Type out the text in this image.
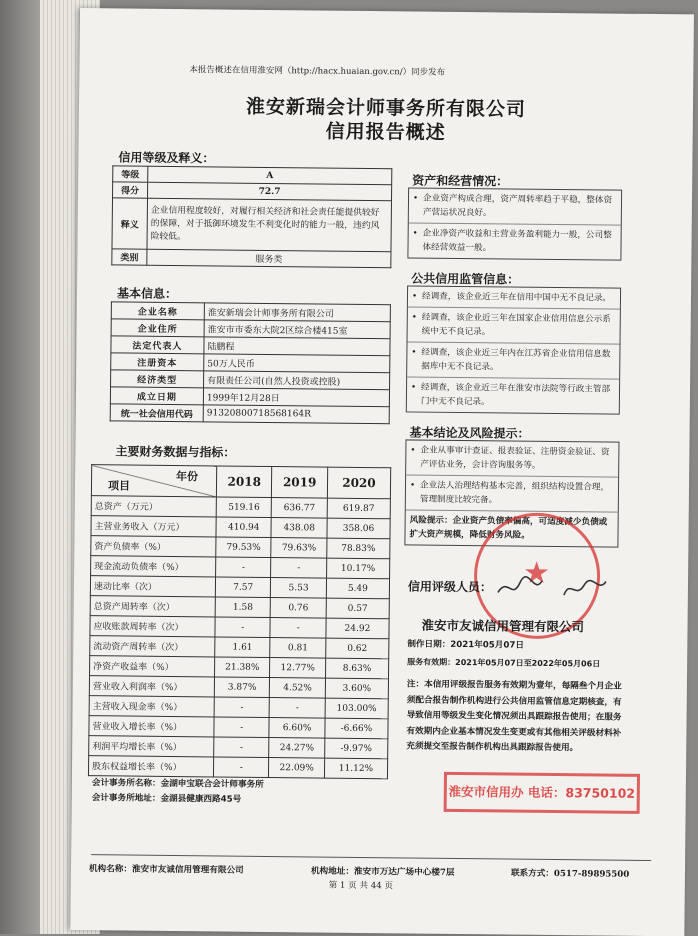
本报告概述在信用淮安网（http://hacx.huaian.gov.cn/）同步发布
淮安新瑞会计师事务所有限公司
信用报告概述
信用等级及释义：
等级	A
得分	72.7
释义	企业信用程度较好，对履行相关经济和社会责任能提供较好的保障，对于抵御环境发生不利变化时的能力一般，违约风险较低。
类别	服务类
基本信息：
企业名称	淮安新瑞会计师事务所有限公司
企业住所	淮安市市委东大院2区综合楼415室
法定代表人	陆鹏程
注册资本	50万人民币
经济类型	有限责任公司(自然人投资或控股)
成立日期	1999年12月28日
统一社会信用代码	913208007185681​64R
主要财务数据与指标：
年份
项目	2018	2019	2020
总资产（万元）	519.16	636.77	619.87
主营业务收入（万元）	410.94	438.08	358.06
资产负债率（%）	79.53%	79.63%	78.83%
现金流动负债率（%）	-	-	10.17%
速动比率（次）	7.57	5.53	5.49
总资产周转率（次）	1.58	0.76	0.57
应收账款周转率（次）	-	-	24.92
流动资产周转率（次）	1.61	0.81	0.62
净资产收益率（%）	21.38%	12.77%	8.63%
营业收入利润率（%）	3.87%	4.52%	3.60%
主营收入现金率（%）	-	-	103.00%
营业收入增长率（%）	-	6.60%	-6.66%
利润平均增长率（%）	-	24.27%	-9.97%
股东权益增长率（%）	-	22.09%	11.12%
会计事务所名称：金湖申宝联合会计师事务所
会计事务所地址：金湖县健康西路45号
资产和经营情况：
• 企业资产构成合理，资产周转率趋于平稳，整体资产营运状况良好。
• 企业净资产收益和主营业务盈利能力一般，公司整体经营效益一般。
公共信用监管信息：
• 经调查，该企业近三年在信用中国中无不良记录。
• 经调查，该企业近三年在国家企业信用信息公示系统中无不良记录。
• 经调查，该企业近三年内在江苏省企业信用信息数据库中无不良记录。
• 经调查，该企业近三年在淮安市法院等行政主管部门中无不良记录。
基本结论及风险提示：
• 企业从事审计查证、报表验证、注册资金验证、资产评估业务，会计咨询服务等。
• 企业法人治理结构基本完善，组织结构设置合理，管理制度比较完备。
风险提示：企业资产负债率偏高，可适度减少负债或扩大资产规模，降低财务风险。
★
信用评级人员：
淮安市友诚信用管理有限公司
制作日期：2021年05月07日
服务有效期：2021年05月07日至2022年05月06日
注：本信用评级报告服务有效期为壹年，每隔叁个月企业须配合报告制作机构进行公共信用监管信息定期核查，有导致信用等级发生变化情况须出具跟踪报告使用；在服务有效期内企业基本情况发生变更或有其他相关评级材料补充须提交至报告制作机构出具跟踪报告使用。
淮安市信用办 电话：83750102
机构名称：淮安市友诚信用管理有限公司	机构地址：淮安市万达广场中心楼7层	联系方式：0517-89895500
第 1 页 共 44 页
